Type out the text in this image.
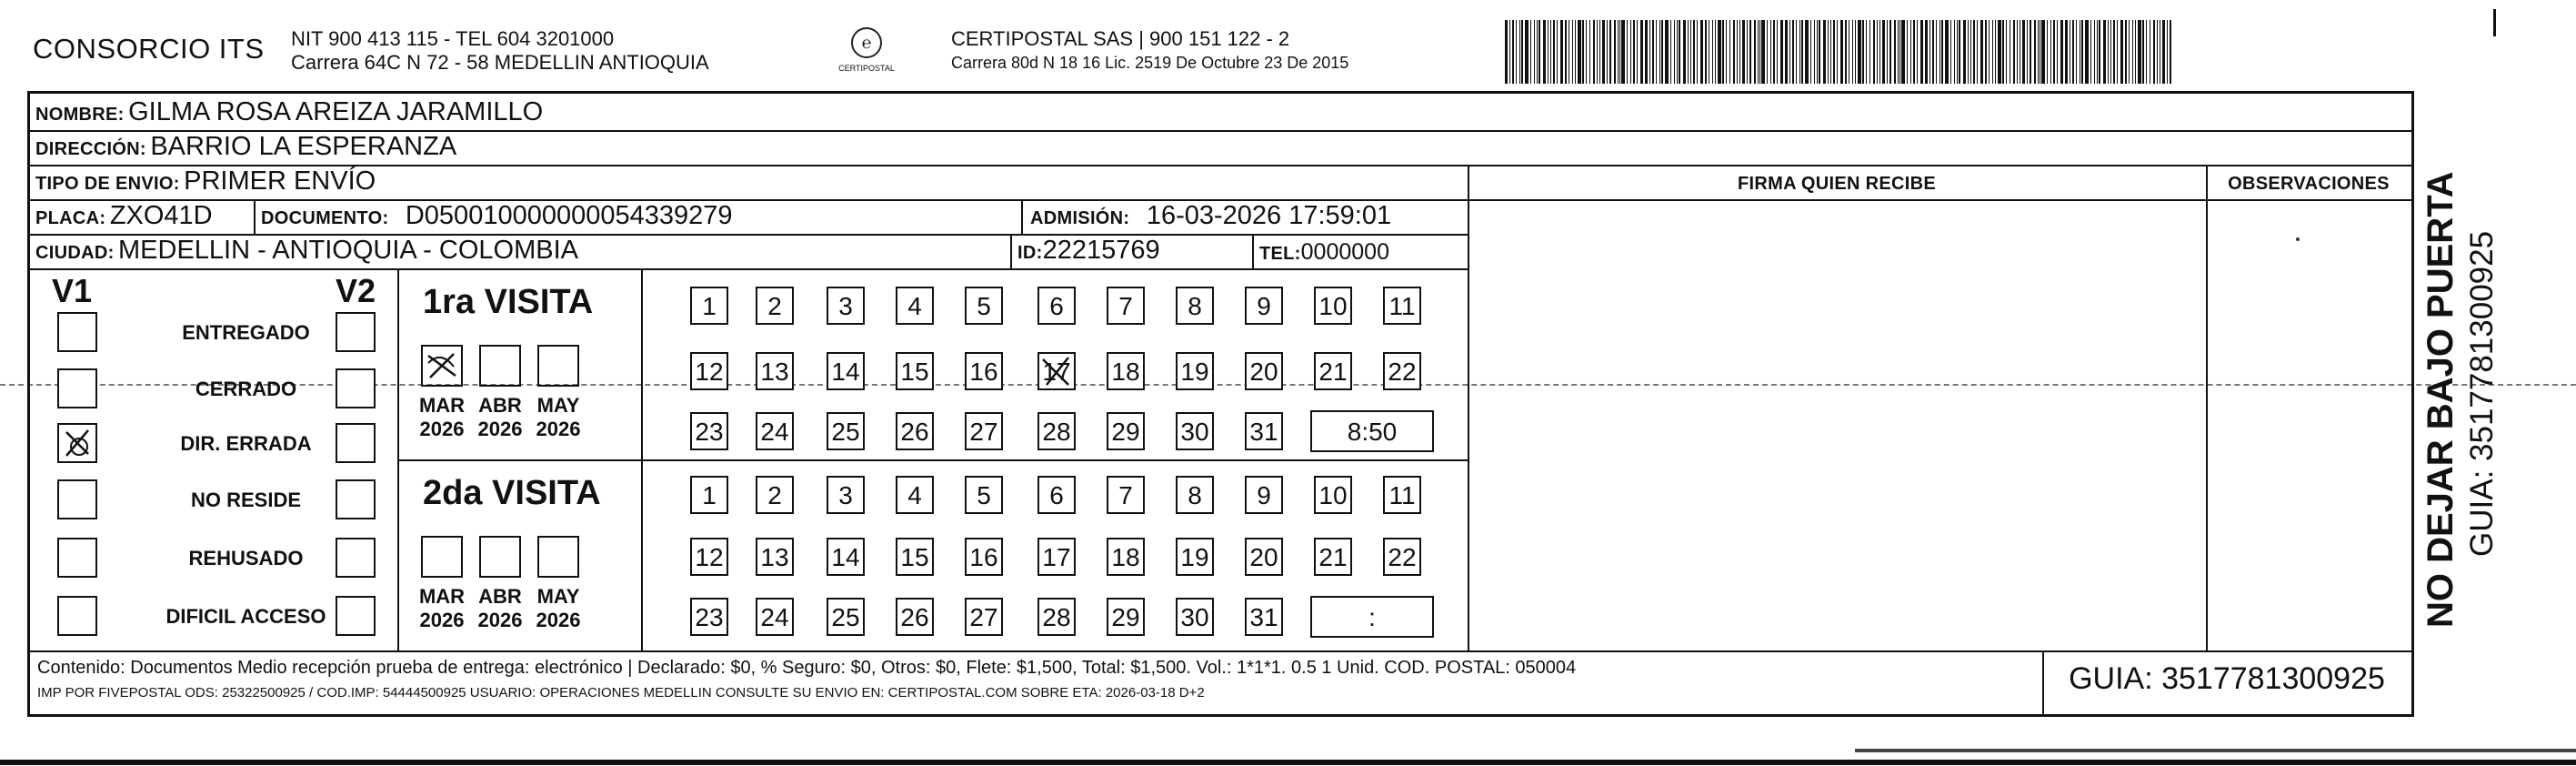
CONSORCIO ITS NIT 900 413 115 - TEL 604 3201000
Carrera 64C N 72 - 58 MEDELLIN ANTIOQUIA
℮
CERTIPOSTAL
CERTIPOSTAL SAS | 900 151 122 - 2
Carrera 80d N 18 16 Lic. 2519 De Octubre 23 De 2015
NOMBRE: GILMA ROSA AREIZA JARAMILLO
DIRECCIÓN: BARRIO LA ESPERANZA
TIPO DE ENVIO: PRIMER ENVÍO	FIRMA QUIEN RECIBE	OBSERVACIONES
PLACA: ZXO41D	DOCUMENTO: D050010000000054339279	ADMISIÓN: 16-03-2026 17:59:01
CIUDAD: MEDELLIN - ANTIOQUIA - COLOMBIA	ID:22215769	TEL:0000000
V1	V2
ENTREGADO
CERRADO
DIR. ERRADA
NO RESIDE
REHUSADO
DIFICIL ACCESO
1ra VISITA
MAR
2026
ABR
2026
MAY
2026
1	2	3	4	5	6	7	8	9	10 11
12 13 14 15 16 17 18 19 20 21 22
23 24 25 26 27 28 29 30 31	8:50
2da VISITA
MAR
2026
ABR
2026
MAY
2026
1	2	3	4	5	6	7	8	9	10 11
12 13 14 15 16 17 18 19 20 21 22
23 24 25 26 27 28 29 30 31	:
Contenido: Documentos Medio recepción prueba de entrega: electrónico | Declarado: $0, % Seguro: $0, Otros: $0, Flete: $1,500, Total: $1,500. Vol.: 1*1*1. 0.5 1 Unid. COD. POSTAL: 050004
IMP POR FIVEPOSTAL ODS: 25322500925 / COD.IMP: 54444500925 USUARIO: OPERACIONES MEDELLIN CONSULTE SU ENVIO EN: CERTIPOSTAL.COM SOBRE ETA: 2026-03-18 D+2	GUIA: 3517781300925
NO DEJAR BAJO PUERTA GUIA: 3517781300925
